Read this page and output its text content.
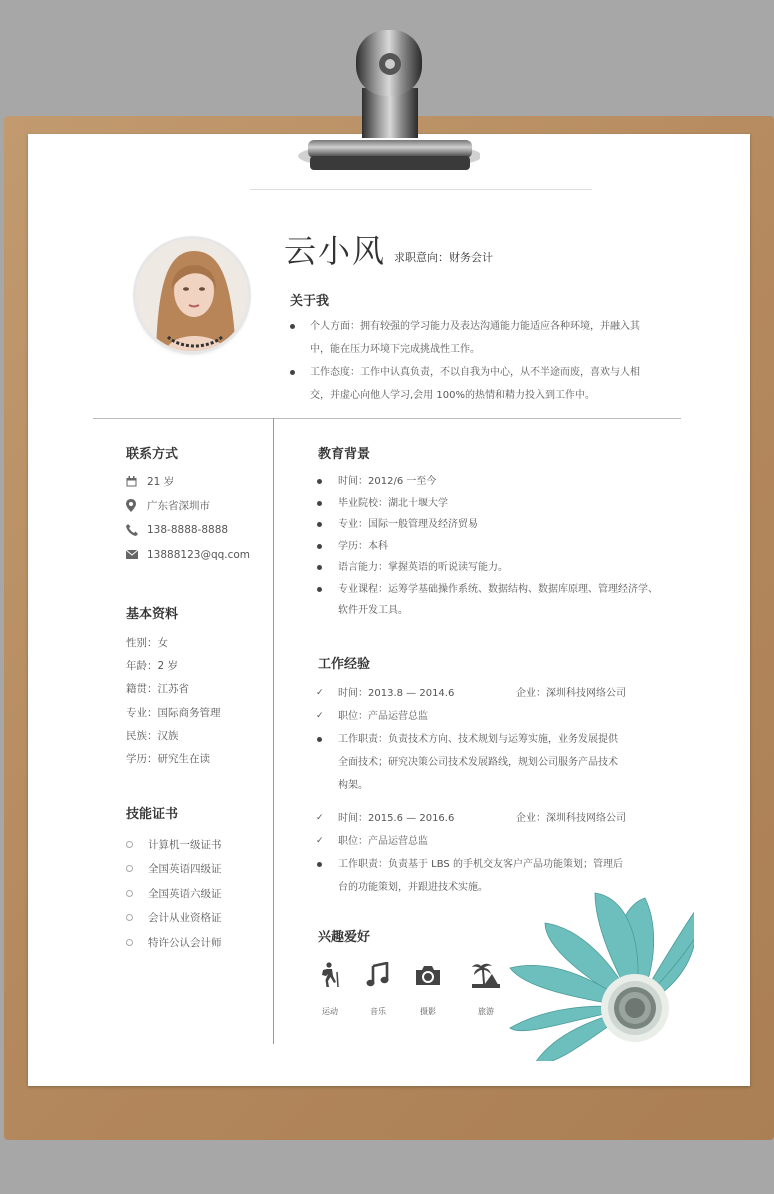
云小风 求职意向：财务会计
关于我
个人方面：拥有较强的学习能力及表达沟通能力能适应各种环境，并融入其
中，能在压力环境下完成挑战性工作。
工作态度：工作中认真负责，不以自我为中心，从不半途而废，喜欢与人相
交，并虚心向他人学习,会用 100%的热情和精力投入到工作中。
联系方式
21 岁
广东省深圳市
138-8888-8888
13888123@qq.com
基本资料
性别：女
年龄：2 岁
籍贯：江苏省
专业：国际商务管理
民族：汉族
学历：研究生在读
技能证书
计算机一级证书
全国英语四级证
全国英语六级证
会计从业资格证
特许公认会计师
教育背景
时间：2012/6 一至今
毕业院校：湖北十堰大学
专业：国际一般管理及经济贸易
学历：本科
语言能力：掌握英语的听说读写能力。
专业课程：运筹学基础操作系统、数据结构、数据库原理、管理经济学、
软件开发工具。
工作经验
✓ 时间：2013.8 — 2014.6	企业：深圳科技网络公司
✓ 职位：产品运营总监
工作职责：负责技术方向、技术规划与运筹实施，业务发展提供
全面技术；研究决策公司技术发展路线，规划公司服务产品技术
构架。
✓ 时间：2015.6 — 2016.6	企业：深圳科技网络公司
✓ 职位：产品运营总监
工作职责：负责基于 LBS 的手机交友客户产品功能策划；管理后
台的功能策划，并跟进技术实施。
兴趣爱好
运动	音乐	摄影	旅游
